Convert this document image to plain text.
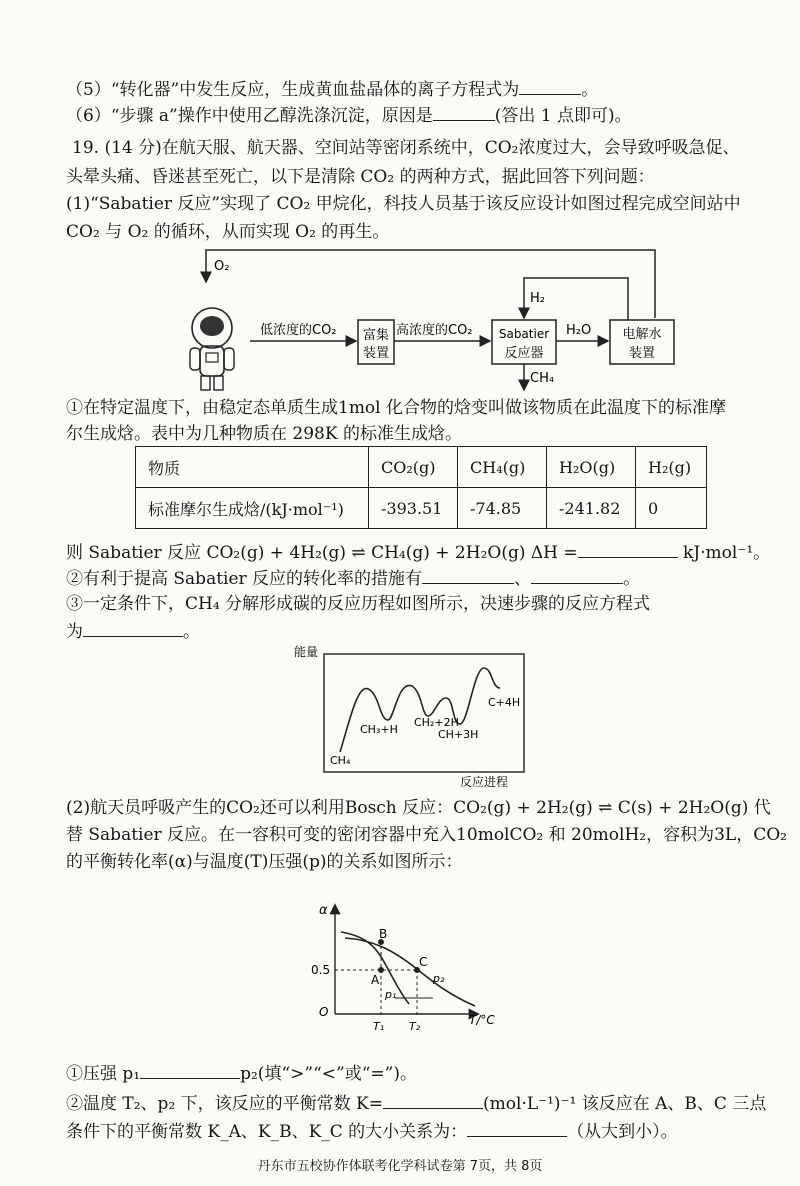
（5）“转化器”中发生反应，生成黄血盐晶体的离子方程式为	。
（6）“步骤 a”操作中使用乙醇洗涤沉淀，原因是	(答出 1 点即可)。
19. (14 分)在航天服、航天器、空间站等密闭系统中，CO₂浓度过大，会导致呼吸急促、
头晕头痛、昏迷甚至死亡，以下是清除 CO₂ 的两种方式，据此回答下列问题：
(1)“Sabatier 反应”实现了 CO₂ 甲烷化，科技人员基于该反应设计如图过程完成空间站中
CO₂ 与 O₂ 的循环，从而实现 O₂ 的再生。
O₂
低浓度的CO₂ 富集
装置
高浓度的CO₂ Sabatier
反应器
H₂O 电解水
装置
H₂
CH₄
①在特定温度下，由稳定态单质生成1mol 化合物的焓变叫做该物质在此温度下的标准摩
尔生成焓。表中为几种物质在 298K 的标准生成焓。
物质	CO₂(g)	CH₄(g)	H₂O(g)	H₂(g)
标准摩尔生成焓/(kJ·mol⁻¹)	-393.51	-74.85	-241.82	0
则 Sabatier 反应 CO₂(g) + 4H₂(g) ⇌ CH₄(g) + 2H₂O(g) ΔH =	kJ·mol⁻¹。
②有利于提高 Sabatier 反应的转化率的措施有	、	。
③一定条件下，CH₄ 分解形成碳的反应历程如图所示，决速步骤的反应方程式
为	。
能量
CH₄
CH₃+H
CH₂+2H
CH+3H
C+4H
反应进程
(2)航天员呼吸产生的CO₂还可以利用Bosch 反应：CO₂(g) + 2H₂(g) ⇌ C(s) + 2H₂O(g) 代
替 Sabatier 反应。在一容积可变的密闭容器中充入10molCO₂ 和 20molH₂，容积为3L，CO₂
的平衡转化率(α)与温度(T)压强(p)的关系如图所示：
α
O
0.5
T/°C
B
A
C
p₁
p₂
T₁ T₂
①压强 p₁	p₂(填“>”“<”或“=”)。
②温度 T₂、p₂ 下，该反应的平衡常数 K=	(mol·L⁻¹)⁻¹ 该反应在 A、B、C 三点
条件下的平衡常数 K_A、K_B、K_C 的大小关系为：	（从大到小）。
丹东市五校协作体联考化学科试卷第 7页，共 8页
